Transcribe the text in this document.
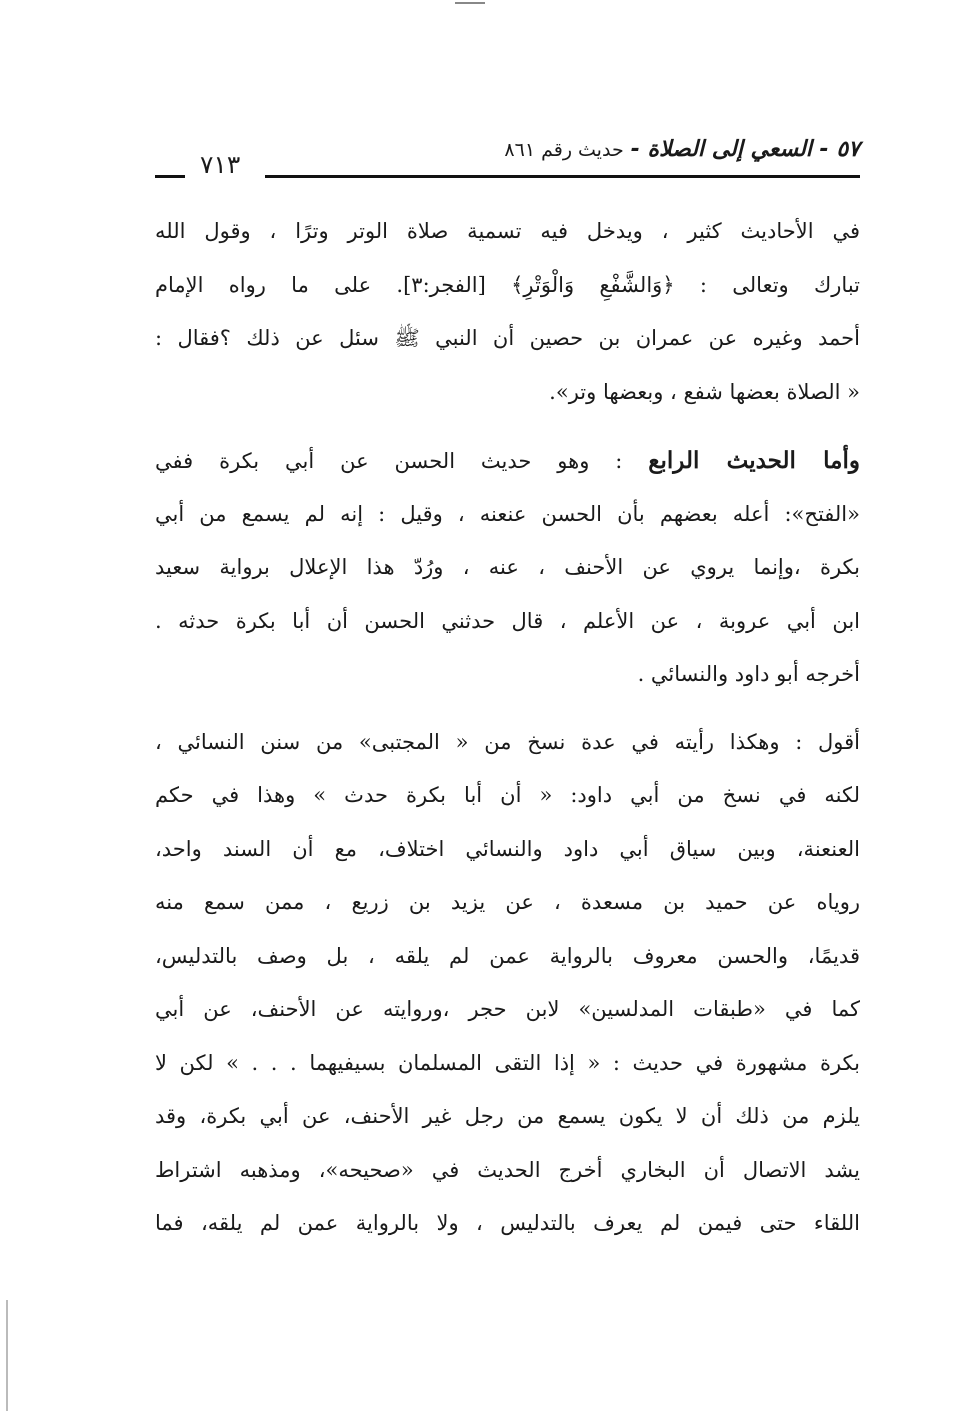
٥٧ - السعي إلى الصلاة - حديث رقم ٨٦١
٧١٣
في الأحاديث كثير ، ويدخل فيه تسمية صلاة الوتر وترًا ، وقول الله
تبارك وتعالى : ﴿وَالشَّفْعِ وَالْوَتْرِ﴾ [الفجر:٣]. على ما رواه الإمام
أحمد وغيره عن عمران بن حصين أن النبي ﷺ سئل عن ذلك ؟فقال :
« الصلاة بعضها شفع ، وبعضها وتر».
وأما الحديث الرابع : وهو حديث الحسن عن أبي بكرة ففي
«الفتح»: أعله بعضهم بأن الحسن عنعنه ، وقيل : إنه لم يسمع من أبي
بكرة ،وإنما يروي عن الأحنف ، عنه ، ورُدّ هذا الإعلال برواية سعيد
ابن أبي عروبة ، عن الأعلم ، قال حدثني الحسن أن أبا بكرة حدثه .
أخرجه أبو داود والنسائي .
أقول : وهكذا رأيته في عدة نسخ من « المجتبى» من سنن النسائي ،
لكنه في نسخ من أبي داود: « أن أبا بكرة حدث » وهذا في حكم
العنعنة، وبين سياق أبي داود والنسائي اختلاف، مع أن السند واحد،
روياه عن حميد بن مسعدة ، عن يزيد بن زريع ، ممن سمع منه
قديمًا، والحسن معروف بالرواية عمن لم يلقه ، بل وصف بالتدليس،
كما في «طبقات المدلسين» لابن حجر ،وروايته عن الأحنف، عن أبي
بكرة مشهورة في حديث : « إذا التقى المسلمان بسيفيهما . . . » لكن لا
يلزم من ذلك أن لا يكون يسمع من رجل غير الأحنف، عن أبي بكرة، وقد
يشد الاتصال أن البخاري أخرج الحديث في «صحيحه»، ومذهبه اشتراط
اللقاء حتى فيمن لم يعرف بالتدليس ، ولا بالرواية عمن لم يلقه، فما
